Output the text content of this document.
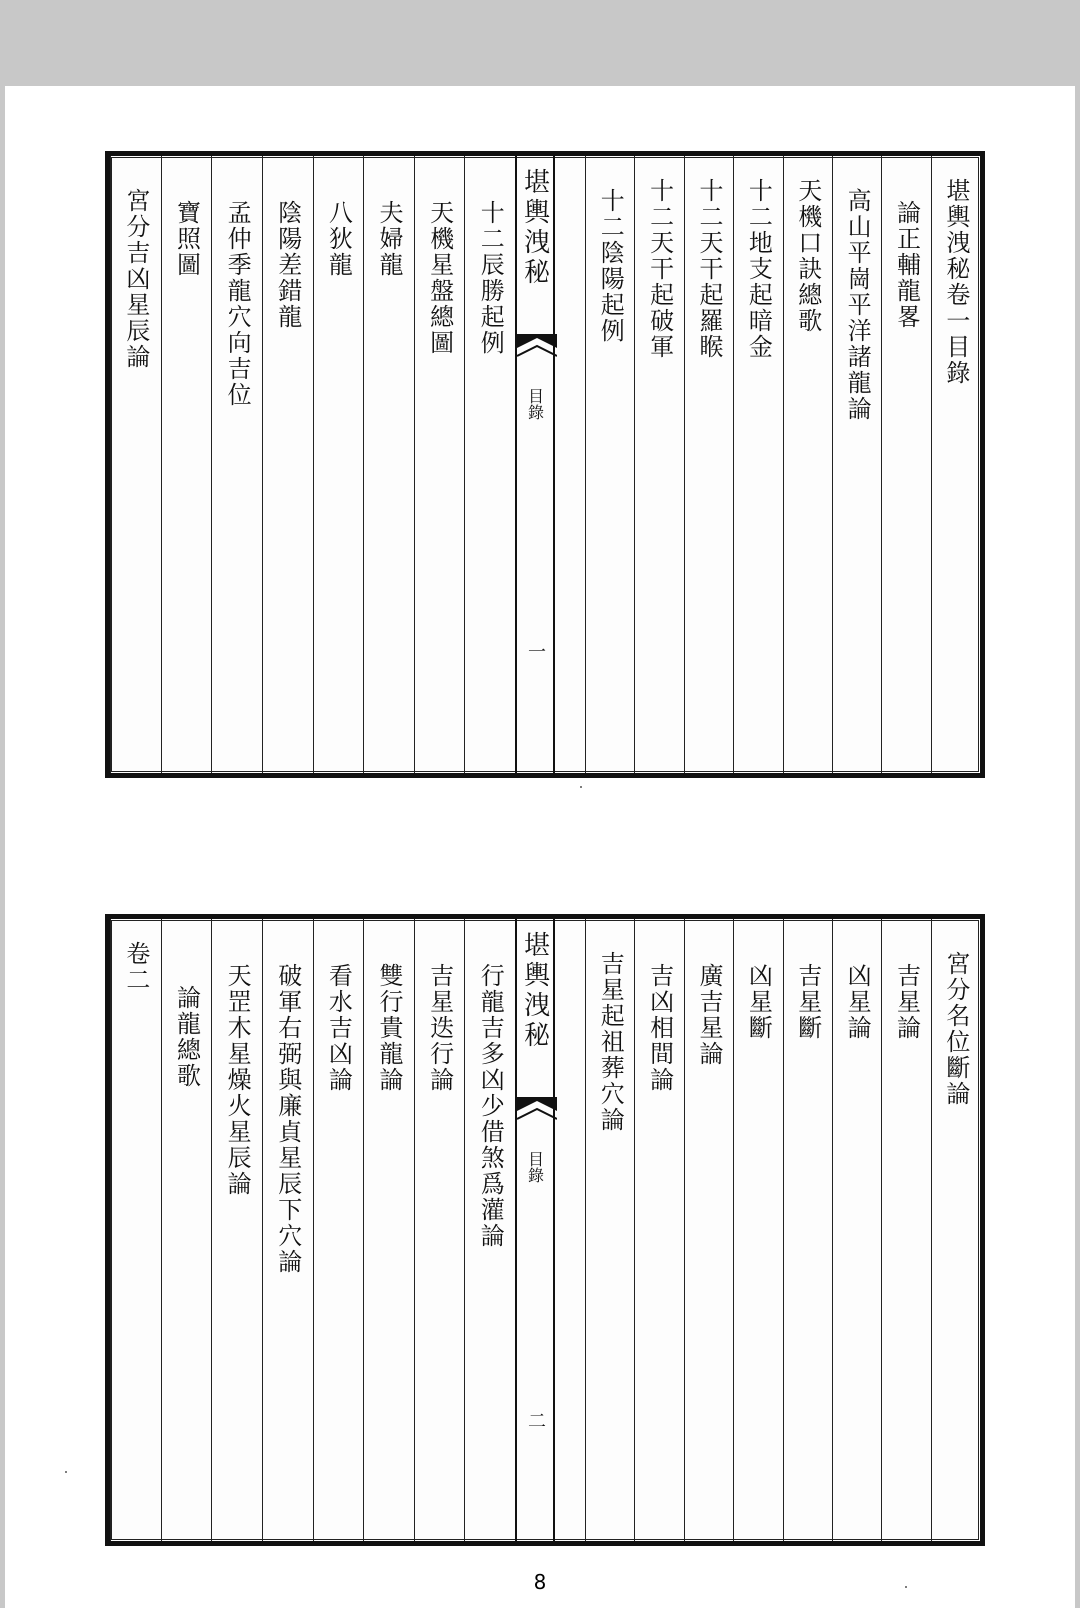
堪輿洩秘卷一目錄
論正輔龍畧
高山平崗平洋諸龍論
天機口訣總歌
十二地支起暗金
十二天干起羅睺
十二天干起破軍
十二陰陽起例
堪輿洩秘
目錄
一
十二辰勝起例
天機星盤總圖
夫婦龍
八狄龍
陰陽差錯龍
孟仲季龍穴向吉位
寶照圖
宮分吉凶星辰論
宮分名位斷論
吉星論
凶星論
吉星斷
凶星斷
廣吉星論
吉凶相間論
吉星起祖葬穴論
堪輿洩秘
目錄
二
行龍吉多凶少借煞爲灌論
吉星迭行論
雙行貴龍論
看水吉凶論
破軍右弼與廉貞星辰下穴論
天罡木星燥火星辰論
論龍總歌
卷二
8
